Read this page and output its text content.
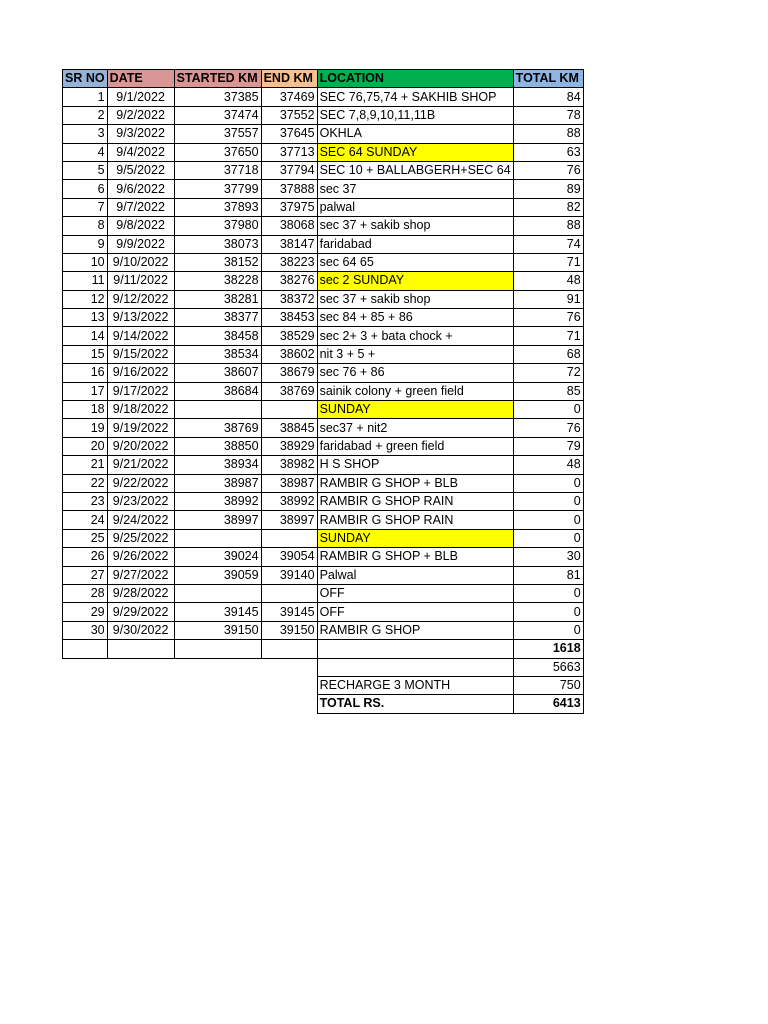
SR NO	DATE	STARTED KM	END KM	LOCATION	TOTAL KM
1	9/1/2022	37385	37469	SEC 76,75,74 + SAKHIB SHOP	84
2	9/2/2022	37474	37552	SEC 7,8,9,10,11,11B	78
3	9/3/2022	37557	37645	OKHLA	88
4	9/4/2022	37650	37713	SEC 64 SUNDAY	63
5	9/5/2022	37718	37794	SEC 10 + BALLABGERH+SEC 64	76
6	9/6/2022	37799	37888	sec 37	89
7	9/7/2022	37893	37975	palwal	82
8	9/8/2022	37980	38068	sec 37 + sakib shop	88
9	9/9/2022	38073	38147	faridabad	74
10	9/10/2022	38152	38223	sec 64 65	71
11	9/11/2022	38228	38276	sec 2 SUNDAY	48
12	9/12/2022	38281	38372	sec 37 + sakib shop	91
13	9/13/2022	38377	38453	sec 84 + 85 + 86	76
14	9/14/2022	38458	38529	sec 2+ 3 + bata chock +	71
15	9/15/2022	38534	38602	nit 3 + 5 +	68
16	9/16/2022	38607	38679	sec 76 + 86	72
17	9/17/2022	38684	38769	sainik colony + green field	85
18	9/18/2022			SUNDAY	0
19	9/19/2022	38769	38845	sec37 + nit2	76
20	9/20/2022	38850	38929	faridabad + green field	79
21	9/21/2022	38934	38982	H S SHOP	48
22	9/22/2022	38987	38987	RAMBIR G SHOP + BLB	0
23	9/23/2022	38992	38992	RAMBIR G SHOP RAIN	0
24	9/24/2022	38997	38997	RAMBIR G SHOP RAIN	0
25	9/25/2022			SUNDAY	0
26	9/26/2022	39024	39054	RAMBIR G SHOP + BLB	30
27	9/27/2022	39059	39140	Palwal	81
28	9/28/2022			OFF	0
29	9/29/2022	39145	39145	OFF	0
30	9/30/2022	39150	39150	RAMBIR G SHOP	0
					1618
					5663
				RECHARGE 3 MONTH	750
				TOTAL RS.	6413
